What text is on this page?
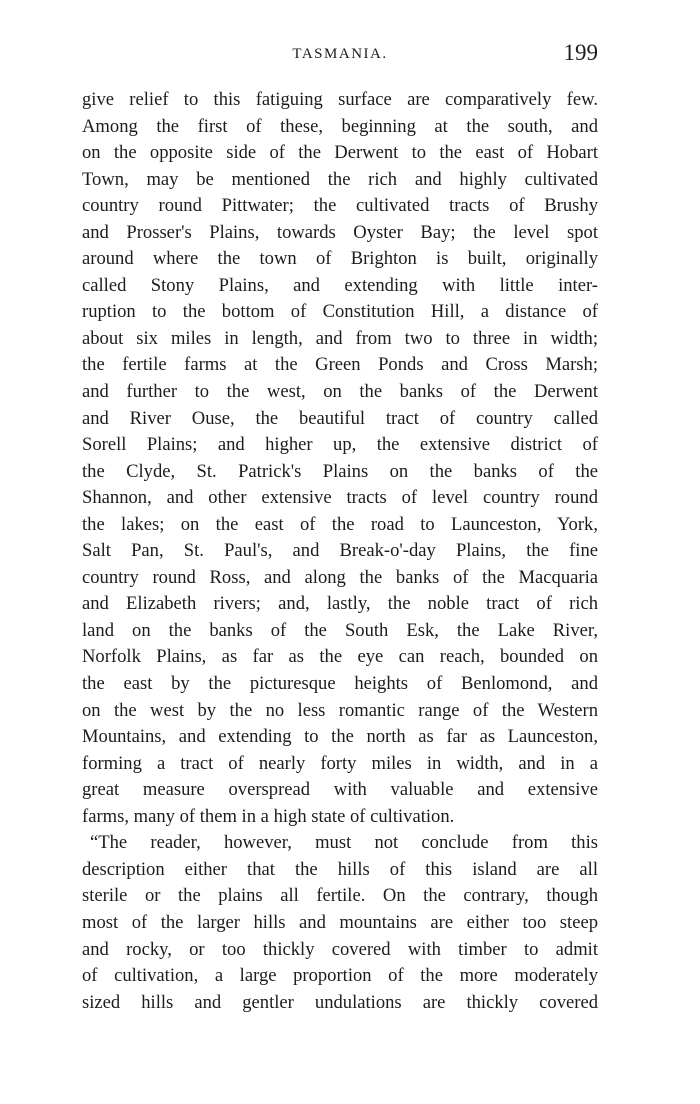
TASMANIA.	199
give relief to this fatiguing surface are comparatively few.
Among the first of these, beginning at the south, and
on the opposite side of the Derwent to the east of Hobart
Town, may be mentioned the rich and highly cultivated
country round Pittwater; the cultivated tracts of Brushy
and Prosser's Plains, towards Oyster Bay; the level spot
around where the town of Brighton is built, originally
called Stony Plains, and extending with little inter-
ruption to the bottom of Constitution Hill, a distance of
about six miles in length, and from two to three in width;
the fertile farms at the Green Ponds and Cross Marsh;
and further to the west, on the banks of the Derwent
and River Ouse, the beautiful tract of country called
Sorell Plains; and higher up, the extensive district of
the Clyde, St. Patrick's Plains on the banks of the
Shannon, and other extensive tracts of level country round
the lakes; on the east of the road to Launceston, York,
Salt Pan, St. Paul's, and Break-o'-day Plains, the fine
country round Ross, and along the banks of the Macquaria
and Elizabeth rivers; and, lastly, the noble tract of rich
land on the banks of the South Esk, the Lake River,
Norfolk Plains, as far as the eye can reach, bounded on
the east by the picturesque heights of Benlomond, and
on the west by the no less romantic range of the Western
Mountains, and extending to the north as far as Launceston,
forming a tract of nearly forty miles in width, and in a
great measure overspread with valuable and extensive
farms, many of them in a high state of cultivation.
“The reader, however, must not conclude from this
description either that the hills of this island are all
sterile or the plains all fertile. On the contrary, though
most of the larger hills and mountains are either too steep
and rocky, or too thickly covered with timber to admit
of cultivation, a large proportion of the more moderately
sized hills and gentler undulations are thickly covered
